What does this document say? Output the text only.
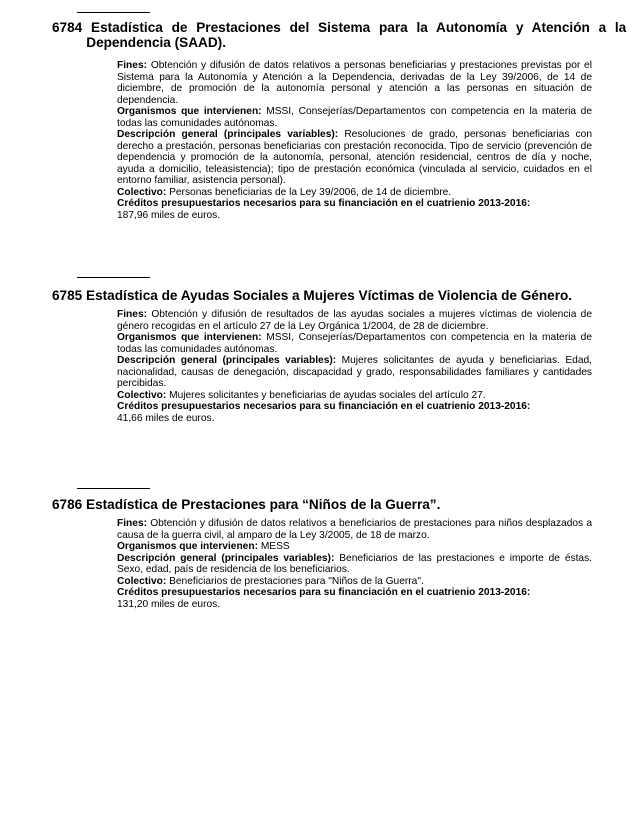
6784 Estadística de Prestaciones del Sistema para la Autonomía y Atención a la Dependencia (SAAD).

Fines: Obtención y difusión de datos relativos a personas beneficiarias y prestaciones previstas por el Sistema para la Autonomía y Atención a la Dependencia, derivadas de la Ley 39/2006, de 14 de diciembre, de promoción de la autonomía personal y atención a las personas en situación de dependencia.

Organismos que intervienen: MSSI, Consejerías/Departamentos con competencia en la materia de todas las comunidades autónomas.

Descripción general (principales variables): Resoluciones de grado, personas beneficiarias con derecho a prestación, personas beneficiarias con prestación reconocida. Tipo de servicio (prevención de dependencia y promoción de la autonomía, personal, atención residencial, centros de día y noche, ayuda a domicilio, teleasistencia); tipo de prestación económica (vinculada al servicio, cuidados en el entorno familiar, asistencia personal).

Colectivo: Personas beneficiarias de la Ley 39/2006, de 14 de diciembre.

Créditos presupuestarios necesarios para su financiación en el cuatrienio 2013-2016:

187,96 miles de euros.

6785 Estadística de Ayudas Sociales a Mujeres Víctimas de Violencia de Género.

Fines: Obtención y difusión de resultados de las ayudas sociales a mujeres víctimas de violencia de género recogidas en el artículo 27 de la Ley Orgánica 1/2004, de 28 de diciembre.

Organismos que intervienen: MSSI, Consejerías/Departamentos con competencia en la materia de todas las comunidades autónomas.

Descripción general (principales variables): Mujeres solicitantes de ayuda y beneficiarias. Edad, nacionalidad, causas de denegación, discapacidad y grado, responsabilidades familiares y cantidades percibidas.

Colectivo: Mujeres solicitantes y beneficiarias de ayudas sociales del artículo 27.

Créditos presupuestarios necesarios para su financiación en el cuatrienio 2013-2016:

41,66 miles de euros.

6786 Estadística de Prestaciones para “Niños de la Guerra”.

Fines: Obtención y difusión de datos relativos a beneficiarios de prestaciones para niños desplazados a causa de la guerra civil, al amparo de la Ley 3/2005, de 18 de marzo.

Organismos que intervienen: MESS

Descripción general (principales variables): Beneficiarios de las prestaciones e importe de éstas. Sexo, edad, país de residencia de los beneficiarios.

Colectivo: Beneficiarios de prestaciones para "Niños de la Guerra".

Créditos presupuestarios necesarios para su financiación en el cuatrienio 2013-2016:

131,20 miles de euros.
